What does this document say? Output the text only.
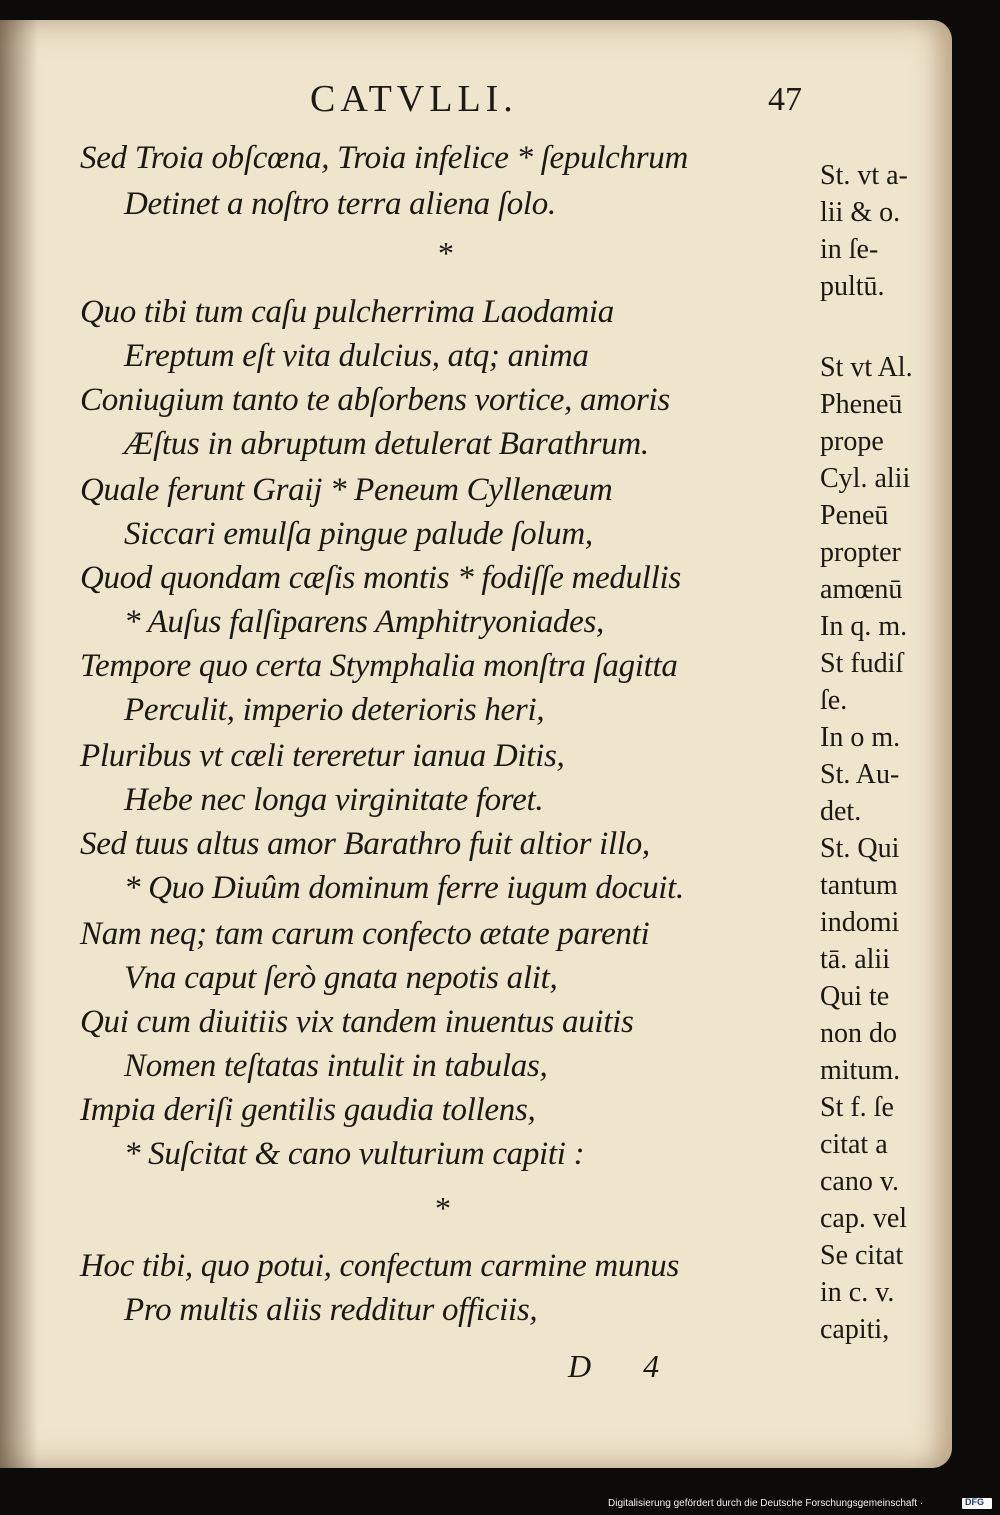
CATVLLI.	47
Sed Troia obſcœna, Troia infelice * ſepulchrum
Detinet a noſtro terra aliena ſolo.
*
Quo tibi tum caſu pulcherrima Laodamia
Ereptum eſt vita dulcius, atq; anima
Coniugium tanto te abſorbens vortice, amoris
Æſtus in abruptum detulerat Barathrum.
Quale ferunt Graij * Peneum Cyllenæum
Siccari emulſa pingue palude ſolum,
Quod quondam cæſis montis * fodiſſe medullis
* Auſus falſiparens Amphitryoniades,
Tempore quo certa Stymphalia monſtra ſagitta
Perculit, imperio deterioris heri,
Pluribus vt cæli tereretur ianua Ditis,
Hebe nec longa virginitate foret.
Sed tuus altus amor Barathro fuit altior illo,
* Quo Diuûm dominum ferre iugum docuit.
Nam neq; tam carum confecto ætate parenti
Vna caput ſerò gnata nepotis alit,
Qui cum diuitiis vix tandem inuentus auitis
Nomen teſtatas intulit in tabulas,
Impia deriſi gentilis gaudia tollens,
* Suſcitat & cano vulturium capiti :
*
Hoc tibi, quo potui, confectum carmine munus
Pro multis aliis redditur officiis,
St. vt a-
lii & o.
in ſe-
pultū.
St vt Al.
Pheneū
prope
Cyl. alii
Peneū
propter
amœnū
In q. m.
St fudiſ
ſe.
In o m.
St. Au-
det.
St. Qui
tantum
indomi
tā. alii
Qui te
non do
mitum.
St f. ſe
citat a
cano v.
cap. vel
Se citat
in c. v.
capiti,
D 4
Digitalisierung gefördert durch die Deutsche Forschungsgemeinschaft ·	DFG
